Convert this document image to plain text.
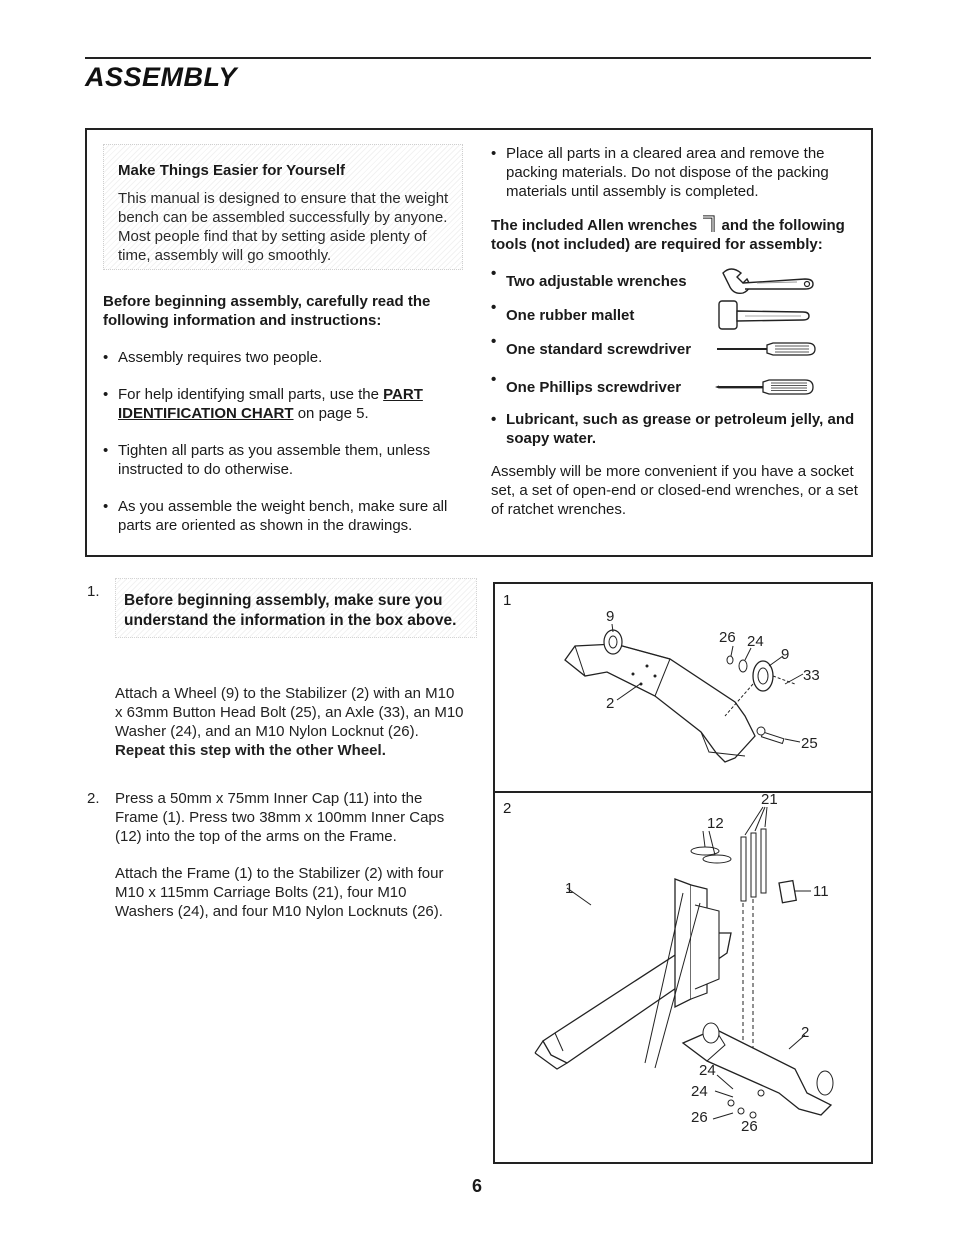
ASSEMBLY
Make Things Easier for Yourself
This manual is designed to ensure that the weight bench can be assembled successfully by anyone. Most people find that by setting aside plenty of time, assembly will go smoothly.
Before beginning assembly, carefully read the following information and instructions:
• Assembly requires two people.
• For help identifying small parts, use the PART IDENTIFICATION CHART on page 5.
• Tighten all parts as you assemble them, unless instructed to do otherwise.
• As you assemble the weight bench, make sure all parts are oriented as shown in the drawings.
• Place all parts in a cleared area and remove the packing materials. Do not dispose of the packing materials until assembly is completed.
The included Allen wrenches  and the following tools (not included) are required for assembly:
• Two adjustable wrenches
• One rubber mallet
• One standard screwdriver
• One Phillips screwdriver
• Lubricant, such as grease or petroleum jelly, and soapy water.
Assembly will be more convenient if you have a socket set, a set of open-end or closed-end wrenches, or a set of ratchet wrenches.
1.
Before beginning assembly, make sure you understand the information in the box above.
Attach a Wheel (9) to the Stabilizer (2) with an M10 x 63mm Button Head Bolt (25), an Axle (33), an M10 Washer (24), and an M10 Nylon Locknut (26). Repeat this step with the other Wheel.
2. Press a 50mm x 75mm Inner Cap (11) into the Frame (1). Press two 38mm x 100mm Inner Caps (12) into the top of the arms on the Frame.
Attach the Frame (1) to the Stabilizer (2) with four M10 x 115mm Carriage Bolts (21), four M10 Washers (24), and four M10 Nylon Locknuts (26).
1
9
26 24
9
33
2
25
2
21
12
11
1
2
24
24
26
26
6
